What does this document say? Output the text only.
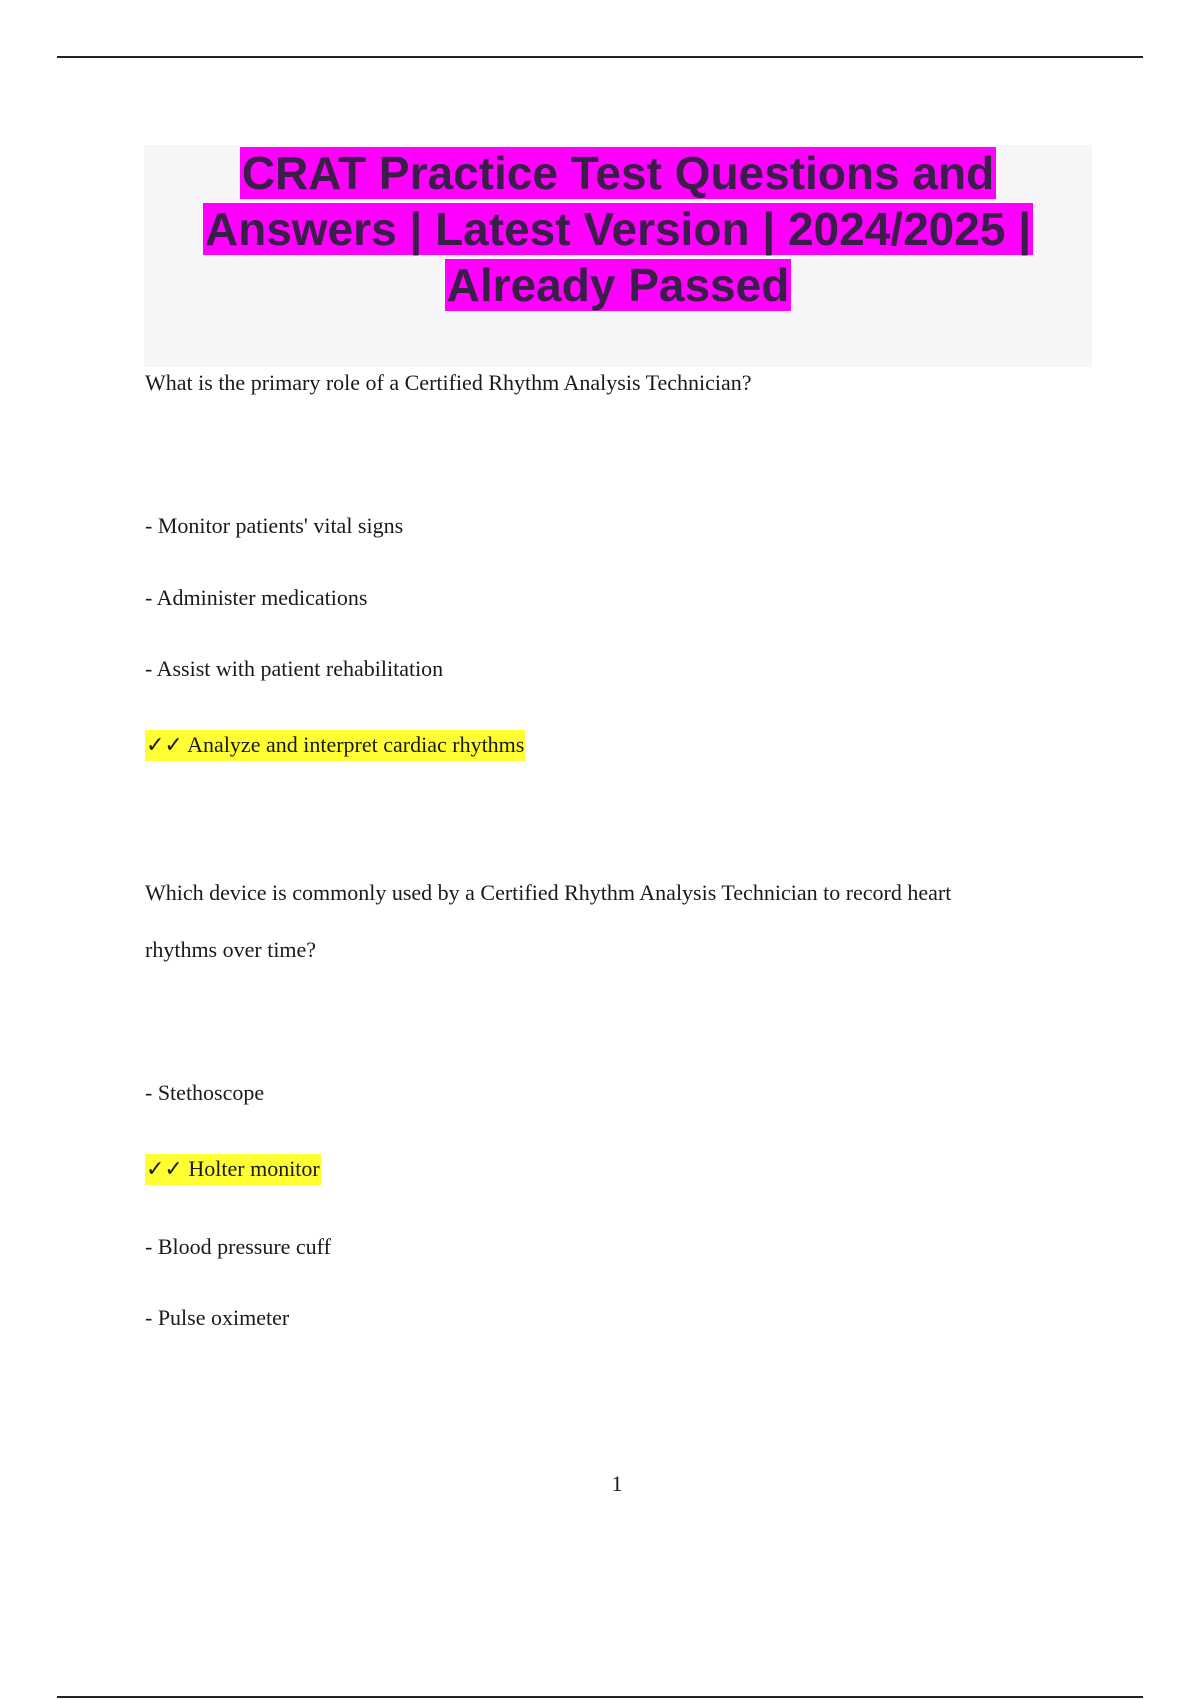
CRAT Practice Test Questions and
Answers | Latest Version | 2024/2025 |
Already Passed
What is the primary role of a Certified Rhythm Analysis Technician?
- Monitor patients' vital signs
- Administer medications
- Assist with patient rehabilitation
✓✓ Analyze and interpret cardiac rhythms
Which device is commonly used by a Certified Rhythm Analysis Technician to record heart
rhythms over time?
- Stethoscope
✓✓ Holter monitor
- Blood pressure cuff
- Pulse oximeter
1
